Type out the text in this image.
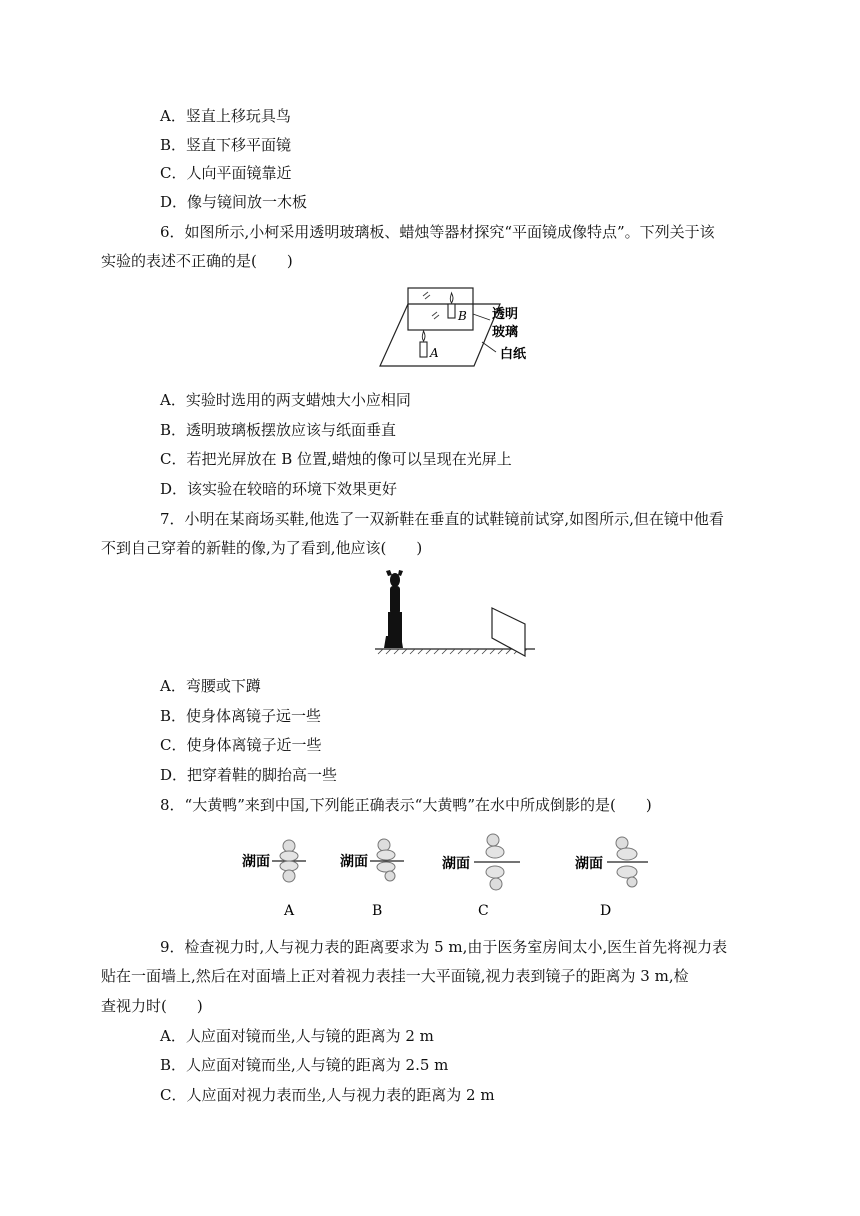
A．竖直上移玩具鸟
B．竖直下移平面镜
C．人向平面镜靠近
D．像与镜间放一木板
6．如图所示,小柯采用透明玻璃板、蜡烛等器材探究“平面镜成像特点”。下列关于该
实验的表述不正确的是(　　)
B
A
透明
玻璃
白纸
A．实验时选用的两支蜡烛大小应相同
B．透明玻璃板摆放应该与纸面垂直
C．若把光屏放在 B 位置,蜡烛的像可以呈现在光屏上
D．该实验在较暗的环境下效果更好
7．小明在某商场买鞋,他选了一双新鞋在垂直的试鞋镜前试穿,如图所示,但在镜中他看
不到自己穿着的新鞋的像,为了看到,他应该(　　)
A．弯腰或下蹲
B．使身体离镜子远一些
C．使身体离镜子近一些
D．把穿着鞋的脚抬高一些
8．“大黄鸭”来到中国,下列能正确表示“大黄鸭”在水中所成倒影的是(　　)
湖面
A
湖面
B
湖面
C
湖面
D
9．检查视力时,人与视力表的距离要求为 5 m,由于医务室房间太小,医生首先将视力表
贴在一面墙上,然后在对面墙上正对着视力表挂一大平面镜,视力表到镜子的距离为 3 m,检
查视力时(　　)
A．人应面对镜而坐,人与镜的距离为 2 m
B．人应面对镜而坐,人与镜的距离为 2.5 m
C．人应面对视力表而坐,人与视力表的距离为 2 m
